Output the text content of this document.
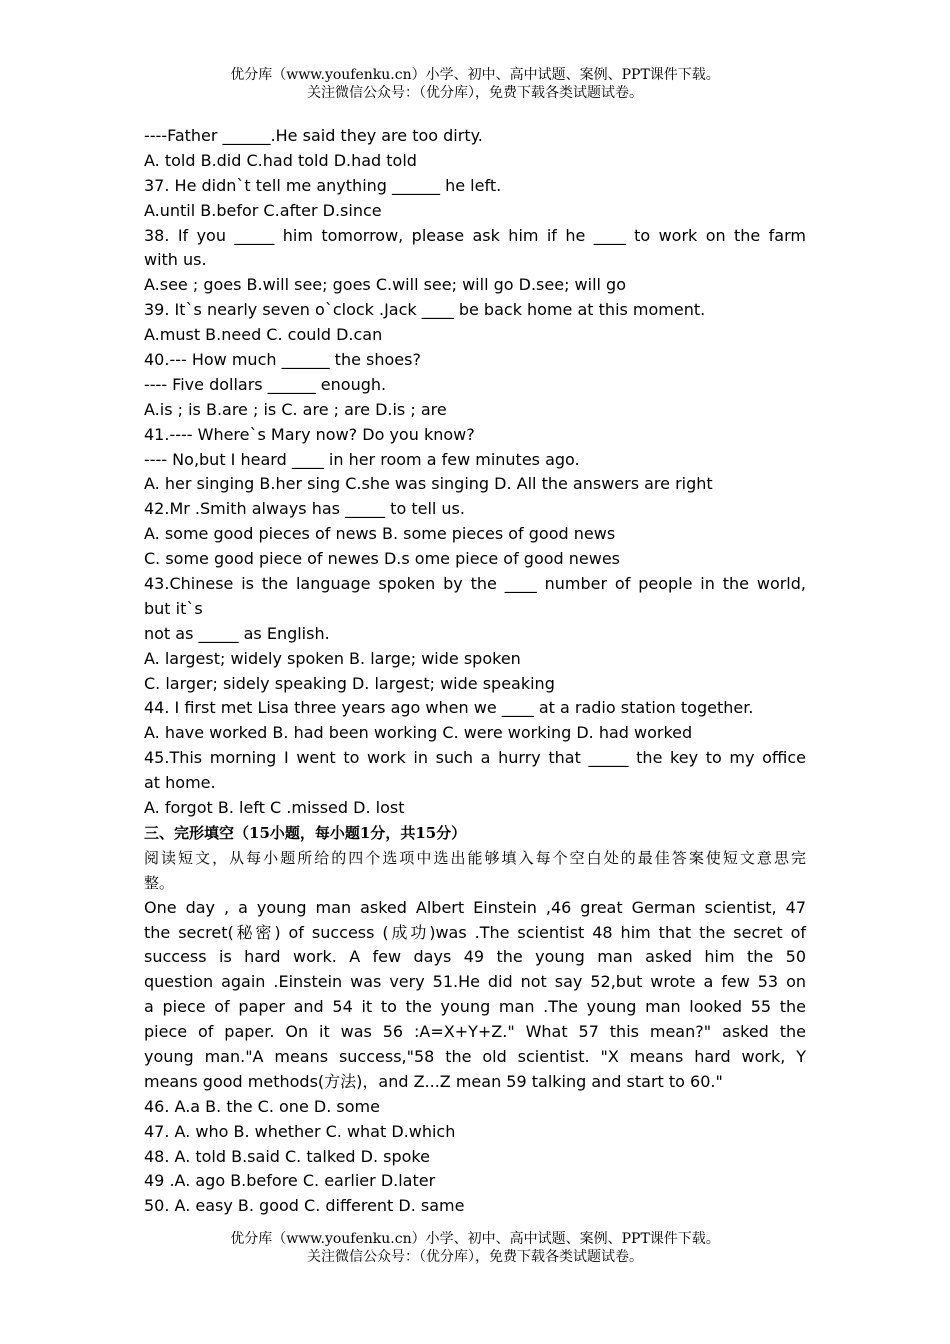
优分库（www.youfenku.cn）小学、初中、高中试题、案例、PPT课件下载。
关注微信公众号：（优分库），免费下载各类试题试卷。
----Father ______.He said they are too dirty.
A. told B.did C.had told D.had told
37. He didn`t tell me anything ______ he left.
A.until B.befor C.after D.since
38. If you _____ him tomorrow, please ask him if he ____ to work on the farm
with us.
A.see ; goes B.will see; goes C.will see; will go D.see; will go
39. It`s nearly seven o`clock .Jack ____ be back home at this moment.
A.must B.need C. could D.can
40.--- How much ______ the shoes?
---- Five dollars ______ enough.
A.is ; is B.are ; is C. are ; are D.is ; are
41.---- Where`s Mary now? Do you know?
---- No,but I heard ____ in her room a few minutes ago.
A. her singing B.her sing C.she was singing D. All the answers are right
42.Mr .Smith always has _____ to tell us.
A. some good pieces of news B. some pieces of good news
C. some good piece of newes D.s ome piece of good newes
43.Chinese is the language spoken by the ____ number of people in the world,
but it`s
not as _____ as English.
A. largest; widely spoken B. large; wide spoken
C. larger; sidely speaking D. largest; wide speaking
44. I first met Lisa three years ago when we ____ at a radio station together.
A. have worked B. had been working C. were working D. had worked
45.This morning I went to work in such a hurry that _____ the key to my office
at home.
A. forgot B. left C .missed D. lost
三、完形填空（15小题，每小题1分，共15分）
阅读短文，从每小题所给的四个选项中选出能够填入每个空白处的最佳答案使短文意思完
整。
One day , a young man asked Albert Einstein ,46 great German scientist, 47
the secret(秘密) of success (成功)was .The scientist 48 him that the secret of
success is hard work. A few days 49 the young man asked him the 50
question again .Einstein was very 51.He did not say 52,but wrote a few 53 on
a piece of paper and 54 it to the young man .The young man looked 55 the
piece of paper. On it was 56 :A=X+Y+Z." What 57 this mean?" asked the
young man."A means success,"58 the old scientist. "X means hard work, Y
means good methods(方法)，and Z...Z mean 59 talking and start to 60."
46. A.a B. the C. one D. some
47. A. who B. whether C. what D.which
48. A. told B.said C. talked D. spoke
49 .A. ago B.before C. earlier D.later
50. A. easy B. good C. different D. same
优分库（www.youfenku.cn）小学、初中、高中试题、案例、PPT课件下载。
关注微信公众号：（优分库），免费下载各类试题试卷。
